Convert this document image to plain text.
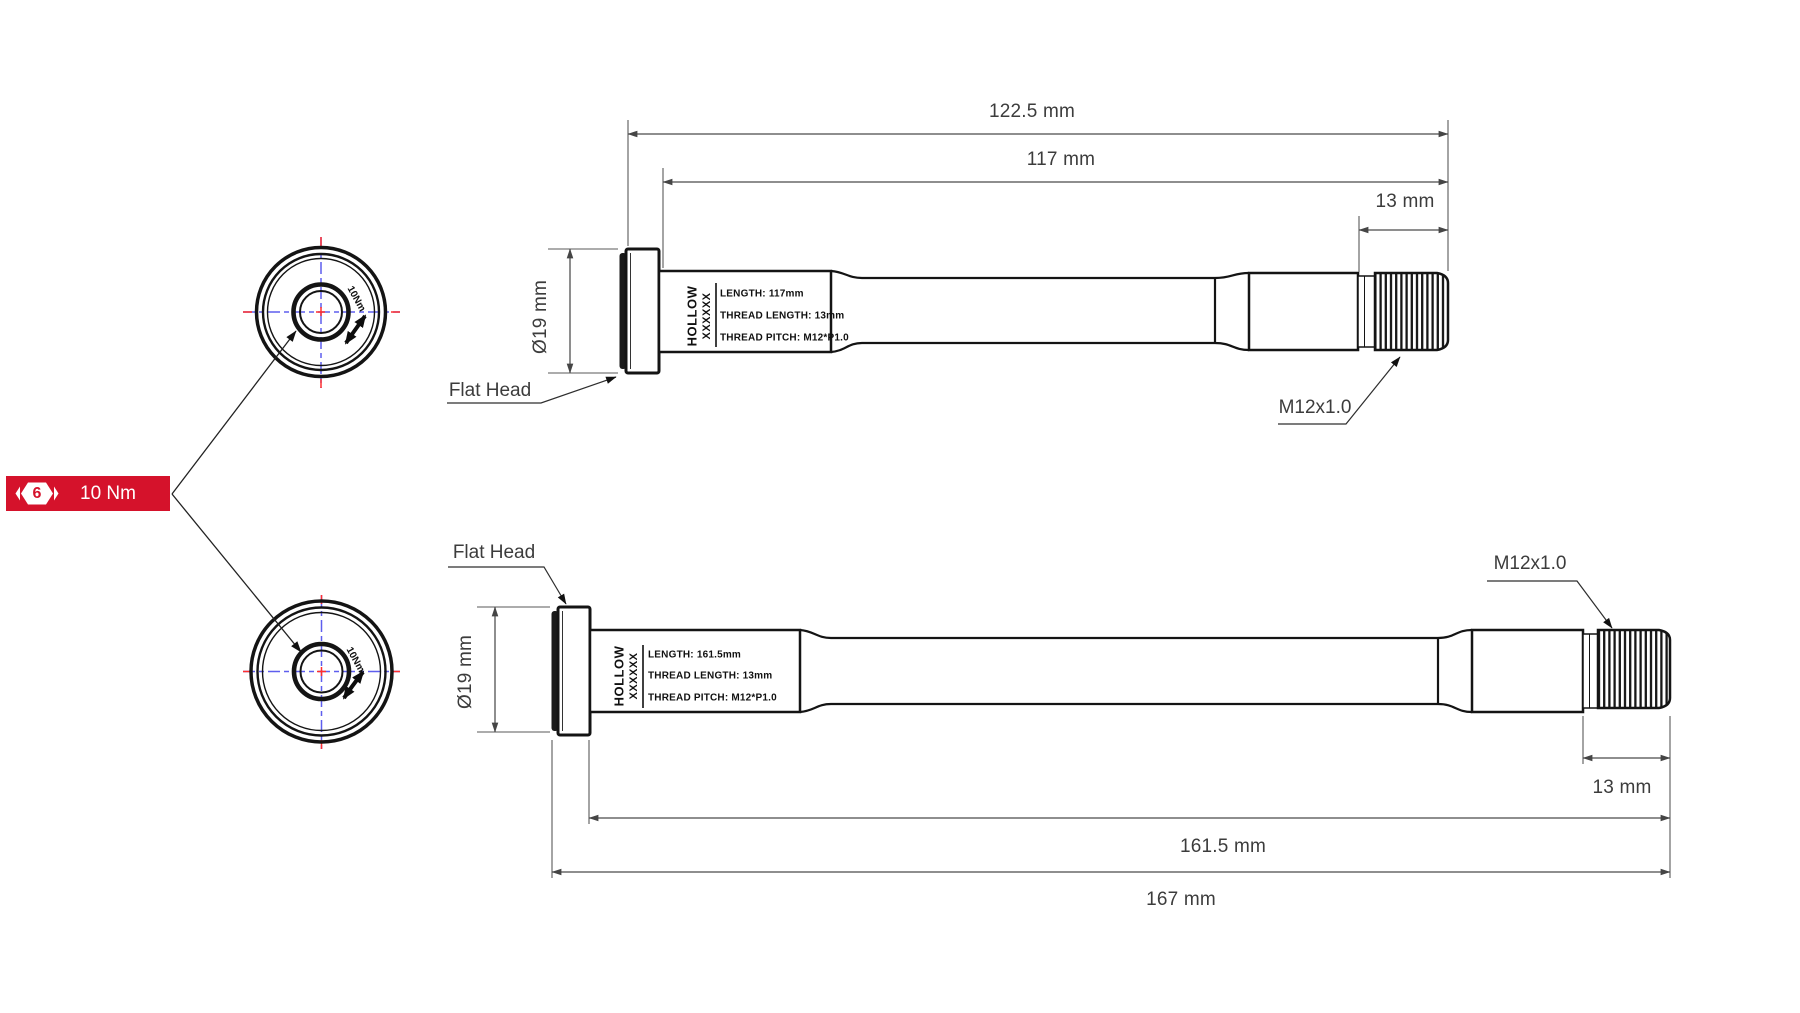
6 10 Nm
10Nm
10Nm
122.5 mm
117 mm
13 mm
Ø19 mm
Flat Head
M12x1.0
HOLLOW XXXXXX LENGTH: 117mm
THREAD LENGTH: 13mm
THREAD PITCH: M12*P1.0
Flat Head
M12x1.0
Ø19 mm	HOLLOW XXXXXX LENGTH: 161.5mm
THREAD LENGTH: 13mm
THREAD PITCH: M12*P1.0
13 mm
161.5 mm
167 mm
